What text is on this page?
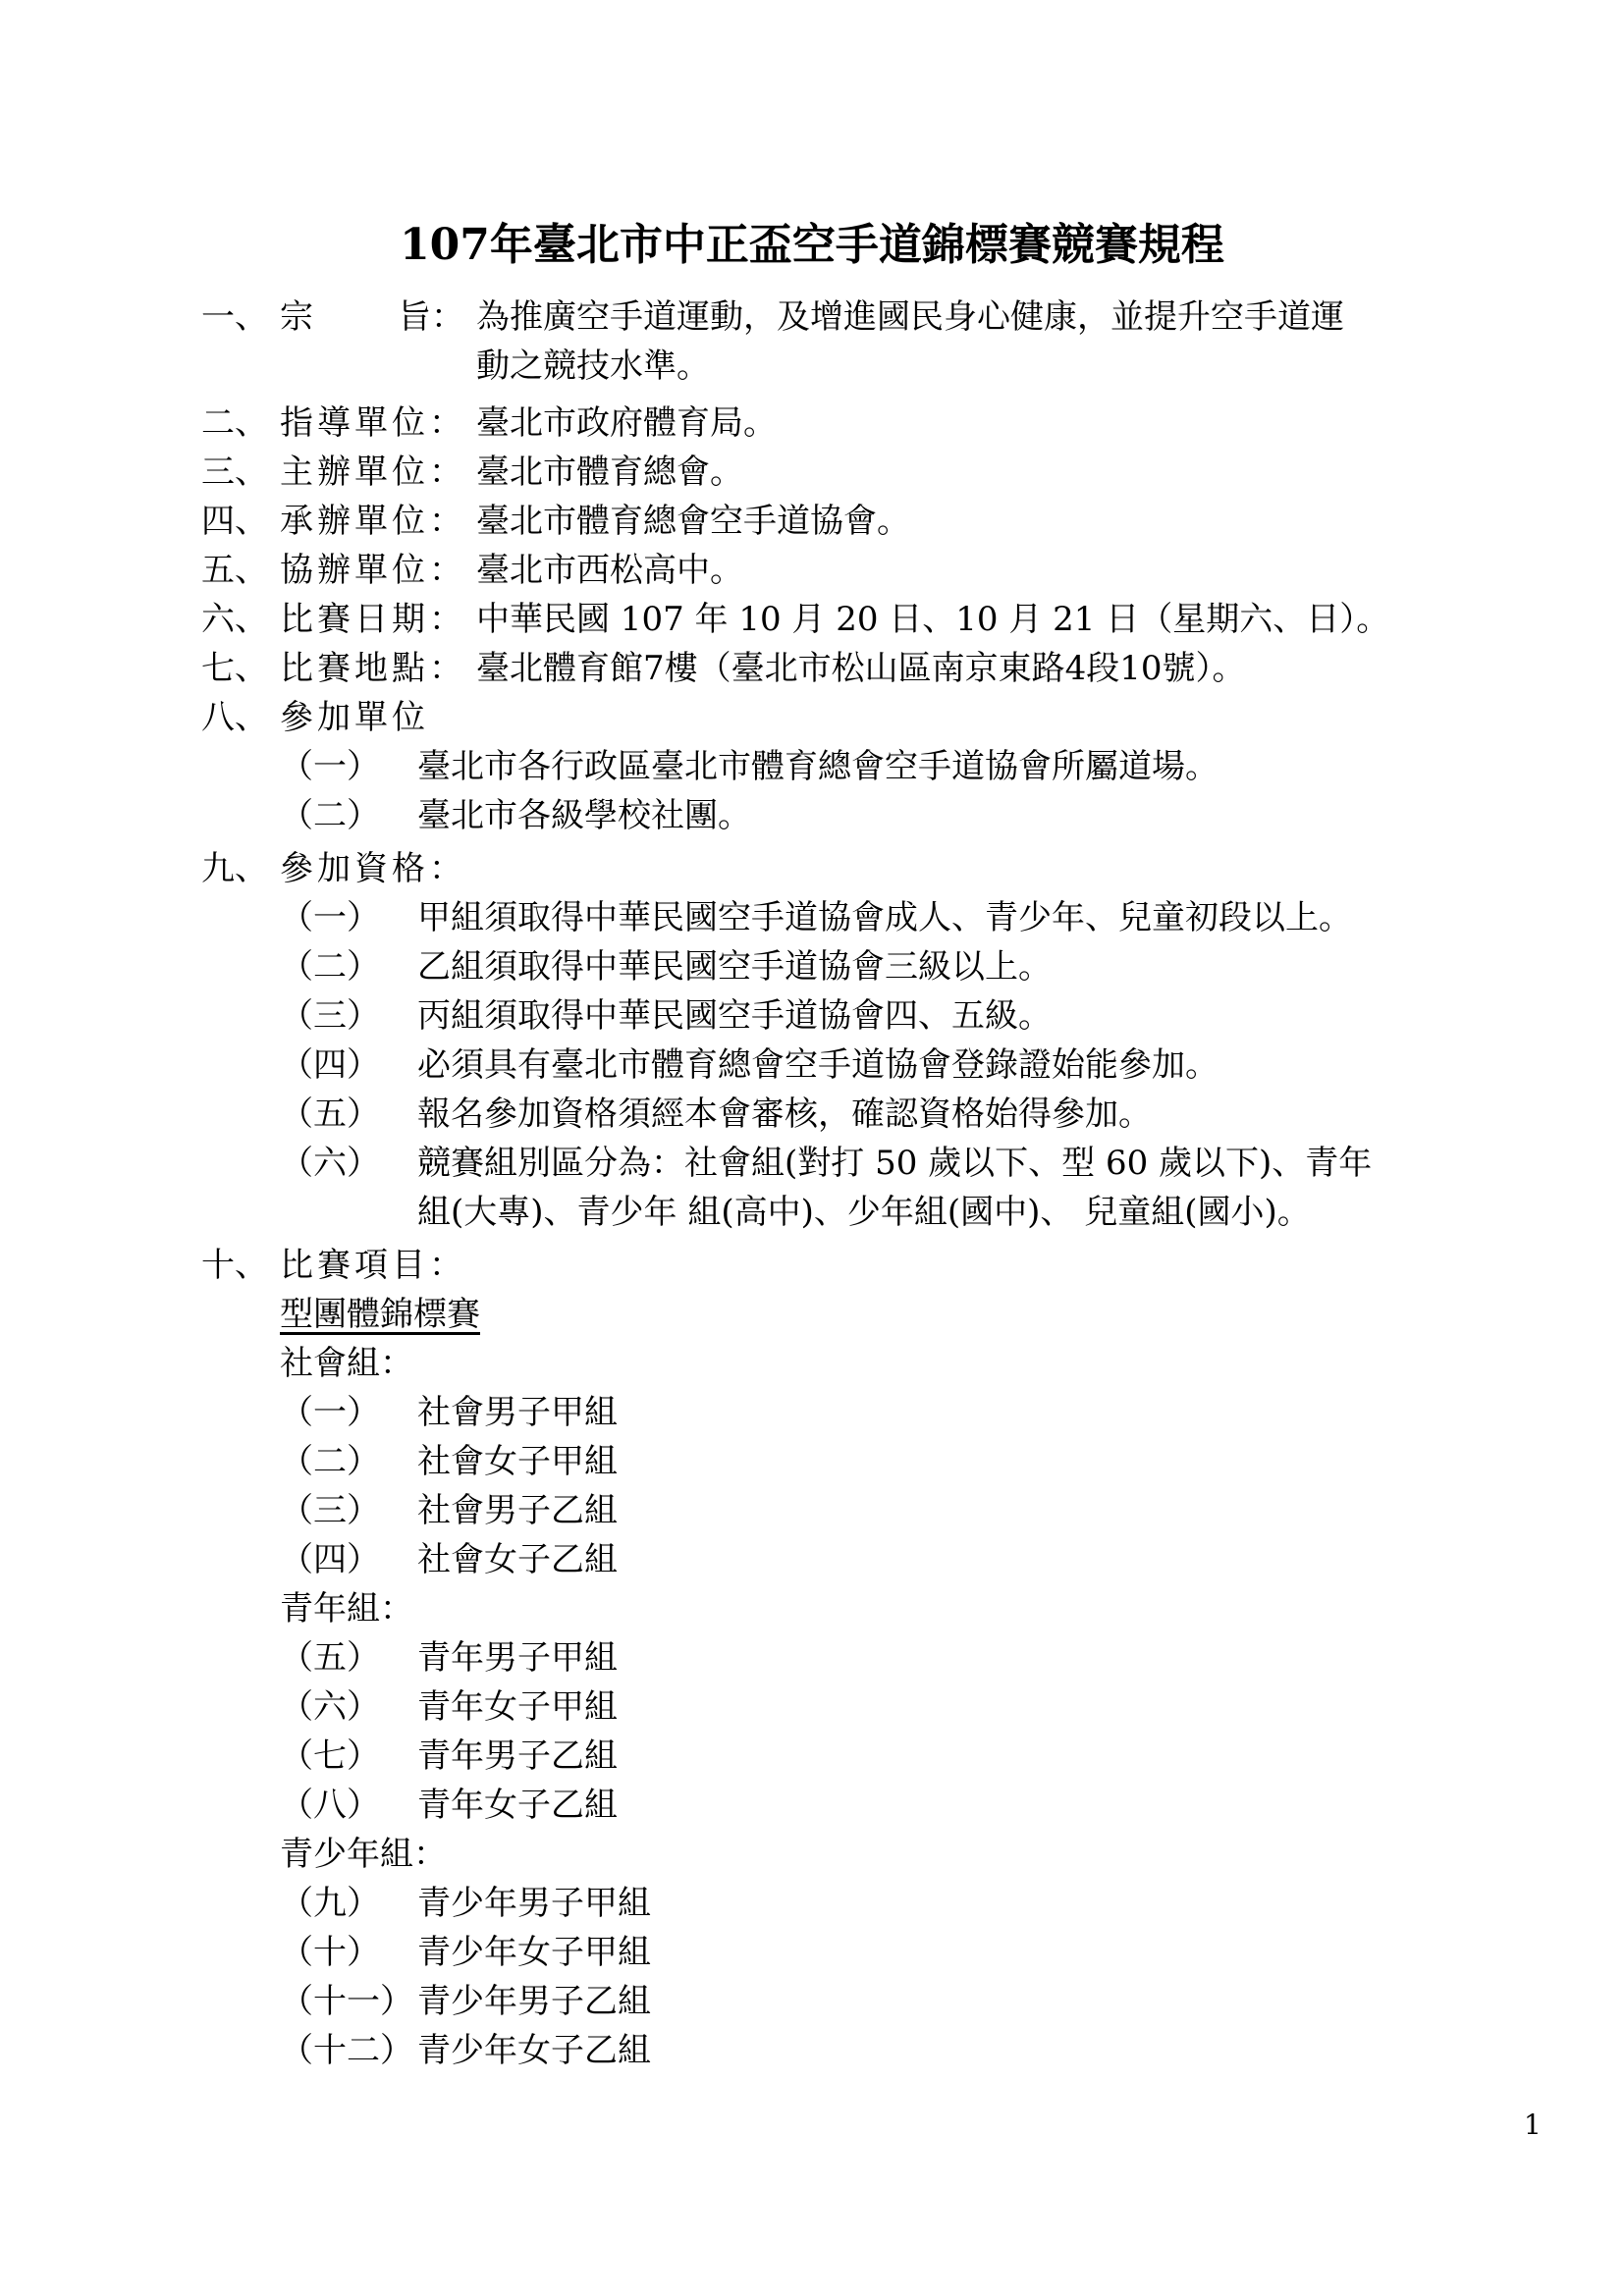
107年臺北市中正盃空手道錦標賽競賽規程
一、 宗	旨： 為推廣空手道運動，及增進國民身心健康，並提升空手道運
動之競技水準。
二、 指導單位： 臺北市政府體育局。
三、 主辦單位： 臺北市體育總會。
四、 承辦單位： 臺北市體育總會空手道協會。
五、 協辦單位： 臺北市西松高中。
六、 比賽日期： 中華民國 107 年 10 月 20 日、10 月 21 日（星期六、日）。
七、 比賽地點： 臺北體育館7樓（臺北市松山區南京東路4段10號）。
八、 參加單位
（一） 臺北市各行政區臺北市體育總會空手道協會所屬道場。
（二） 臺北市各級學校社團。
九、 參加資格：
（一） 甲組須取得中華民國空手道協會成人、青少年、兒童初段以上。
（二） 乙組須取得中華民國空手道協會三級以上。
（三） 丙組須取得中華民國空手道協會四、五級。
（四） 必須具有臺北市體育總會空手道協會登錄證始能參加。
（五） 報名參加資格須經本會審核，確認資格始得參加。
（六） 競賽組別區分為：社會組(對打 50 歲以下、型 60 歲以下)、青年
組(大專)、青少年 組(高中)、少年組(國中)、 兒童組(國小)。
十、 比賽項目：
型團體錦標賽
社會組：
（一） 社會男子甲組
（二） 社會女子甲組
（三） 社會男子乙組
（四） 社會女子乙組
青年組：
（五） 青年男子甲組
（六） 青年女子甲組
（七） 青年男子乙組
（八） 青年女子乙組
青少年組：
（九） 青少年男子甲組
（十） 青少年女子甲組
（十一） 青少年男子乙組
（十二） 青少年女子乙組
1
